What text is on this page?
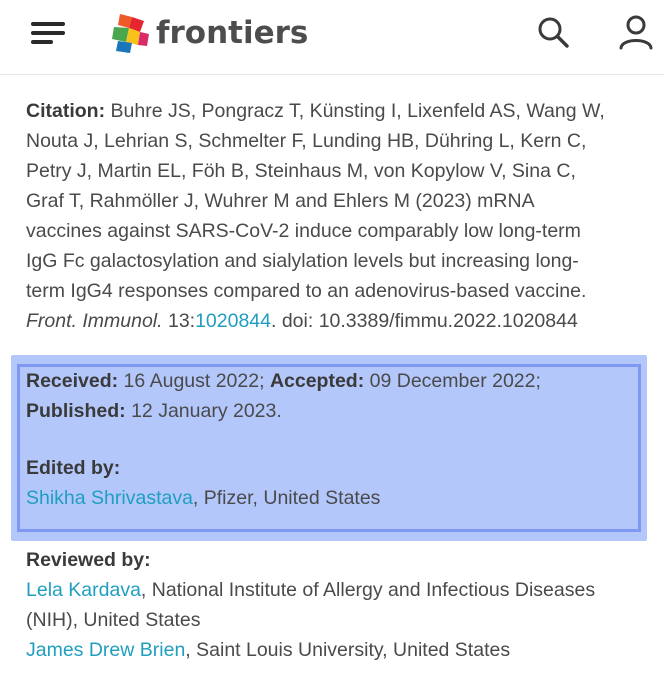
frontiers
Citation: Buhre JS, Pongracz T, Künsting I, Lixenfeld AS, Wang W,
Nouta J, Lehrian S, Schmelter F, Lunding HB, Dühring L, Kern C,
Petry J, Martin EL, Föh B, Steinhaus M, von Kopylow V, Sina C,
Graf T, Rahmöller J, Wuhrer M and Ehlers M (2023) mRNA
vaccines against SARS-CoV-2 induce comparably low long-term
IgG Fc galactosylation and sialylation levels but increasing long-
term IgG4 responses compared to an adenovirus-based vaccine.
Front. Immunol. 13:1020844. doi: 10.3389/fimmu.2022.1020844
Received: 16 August 2022; Accepted: 09 December 2022;
Published: 12 January 2023.
Edited by:
Shikha Shrivastava, Pfizer, United States
Reviewed by:
Lela Kardava, National Institute of Allergy and Infectious Diseases
(NIH), United States
James Drew Brien, Saint Louis University, United States
